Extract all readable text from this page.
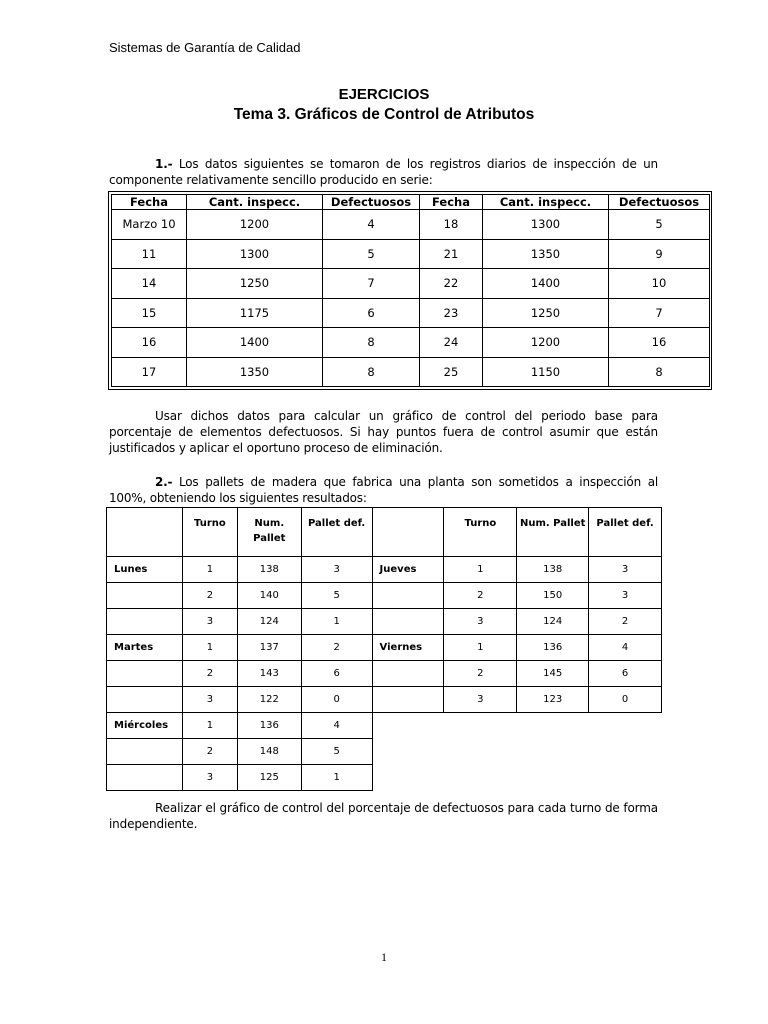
Sistemas de Garantía de Calidad
EJERCICIOS
Tema 3. Gráficos de Control de Atributos
1.- Los datos siguientes se tomaron de los registros diarios de inspección de un componente relativamente sencillo producido en serie:
Fecha	Cant. inspecc.	Defectuosos	Fecha	Cant. inspecc.	Defectuosos
Marzo 10	1200	4	18	1300	5
11	1300	5	21	1350	9
14	1250	7	22	1400	10
15	1175	6	23	1250	7
16	1400	8	24	1200	16
17	1350	8	25	1150	8
Usar dichos datos para calcular un gráfico de control del periodo base para porcentaje de elementos defectuosos. Si hay puntos fuera de control asumir que están justificados y aplicar el oportuno proceso de eliminación.
2.- Los pallets de madera que fabrica una planta son sometidos a inspección al 100%, obteniendo los siguientes resultados:
	Turno	Num. Pallet	Pallet def.		Turno	Num. Pallet	Pallet def.
Lunes	1	138	3	Jueves	1	138	3
	2	140	5		2	150	3
	3	124	1		3	124	2
Martes	1	137	2	Viernes	1	136	4
	2	143	6		2	145	6
	3	122	0		3	123	0
Miércoles	1	136	4				
	2	148	5				
	3	125	1				
Realizar el gráfico de control del porcentaje de defectuosos para cada turno de forma independiente.
1
